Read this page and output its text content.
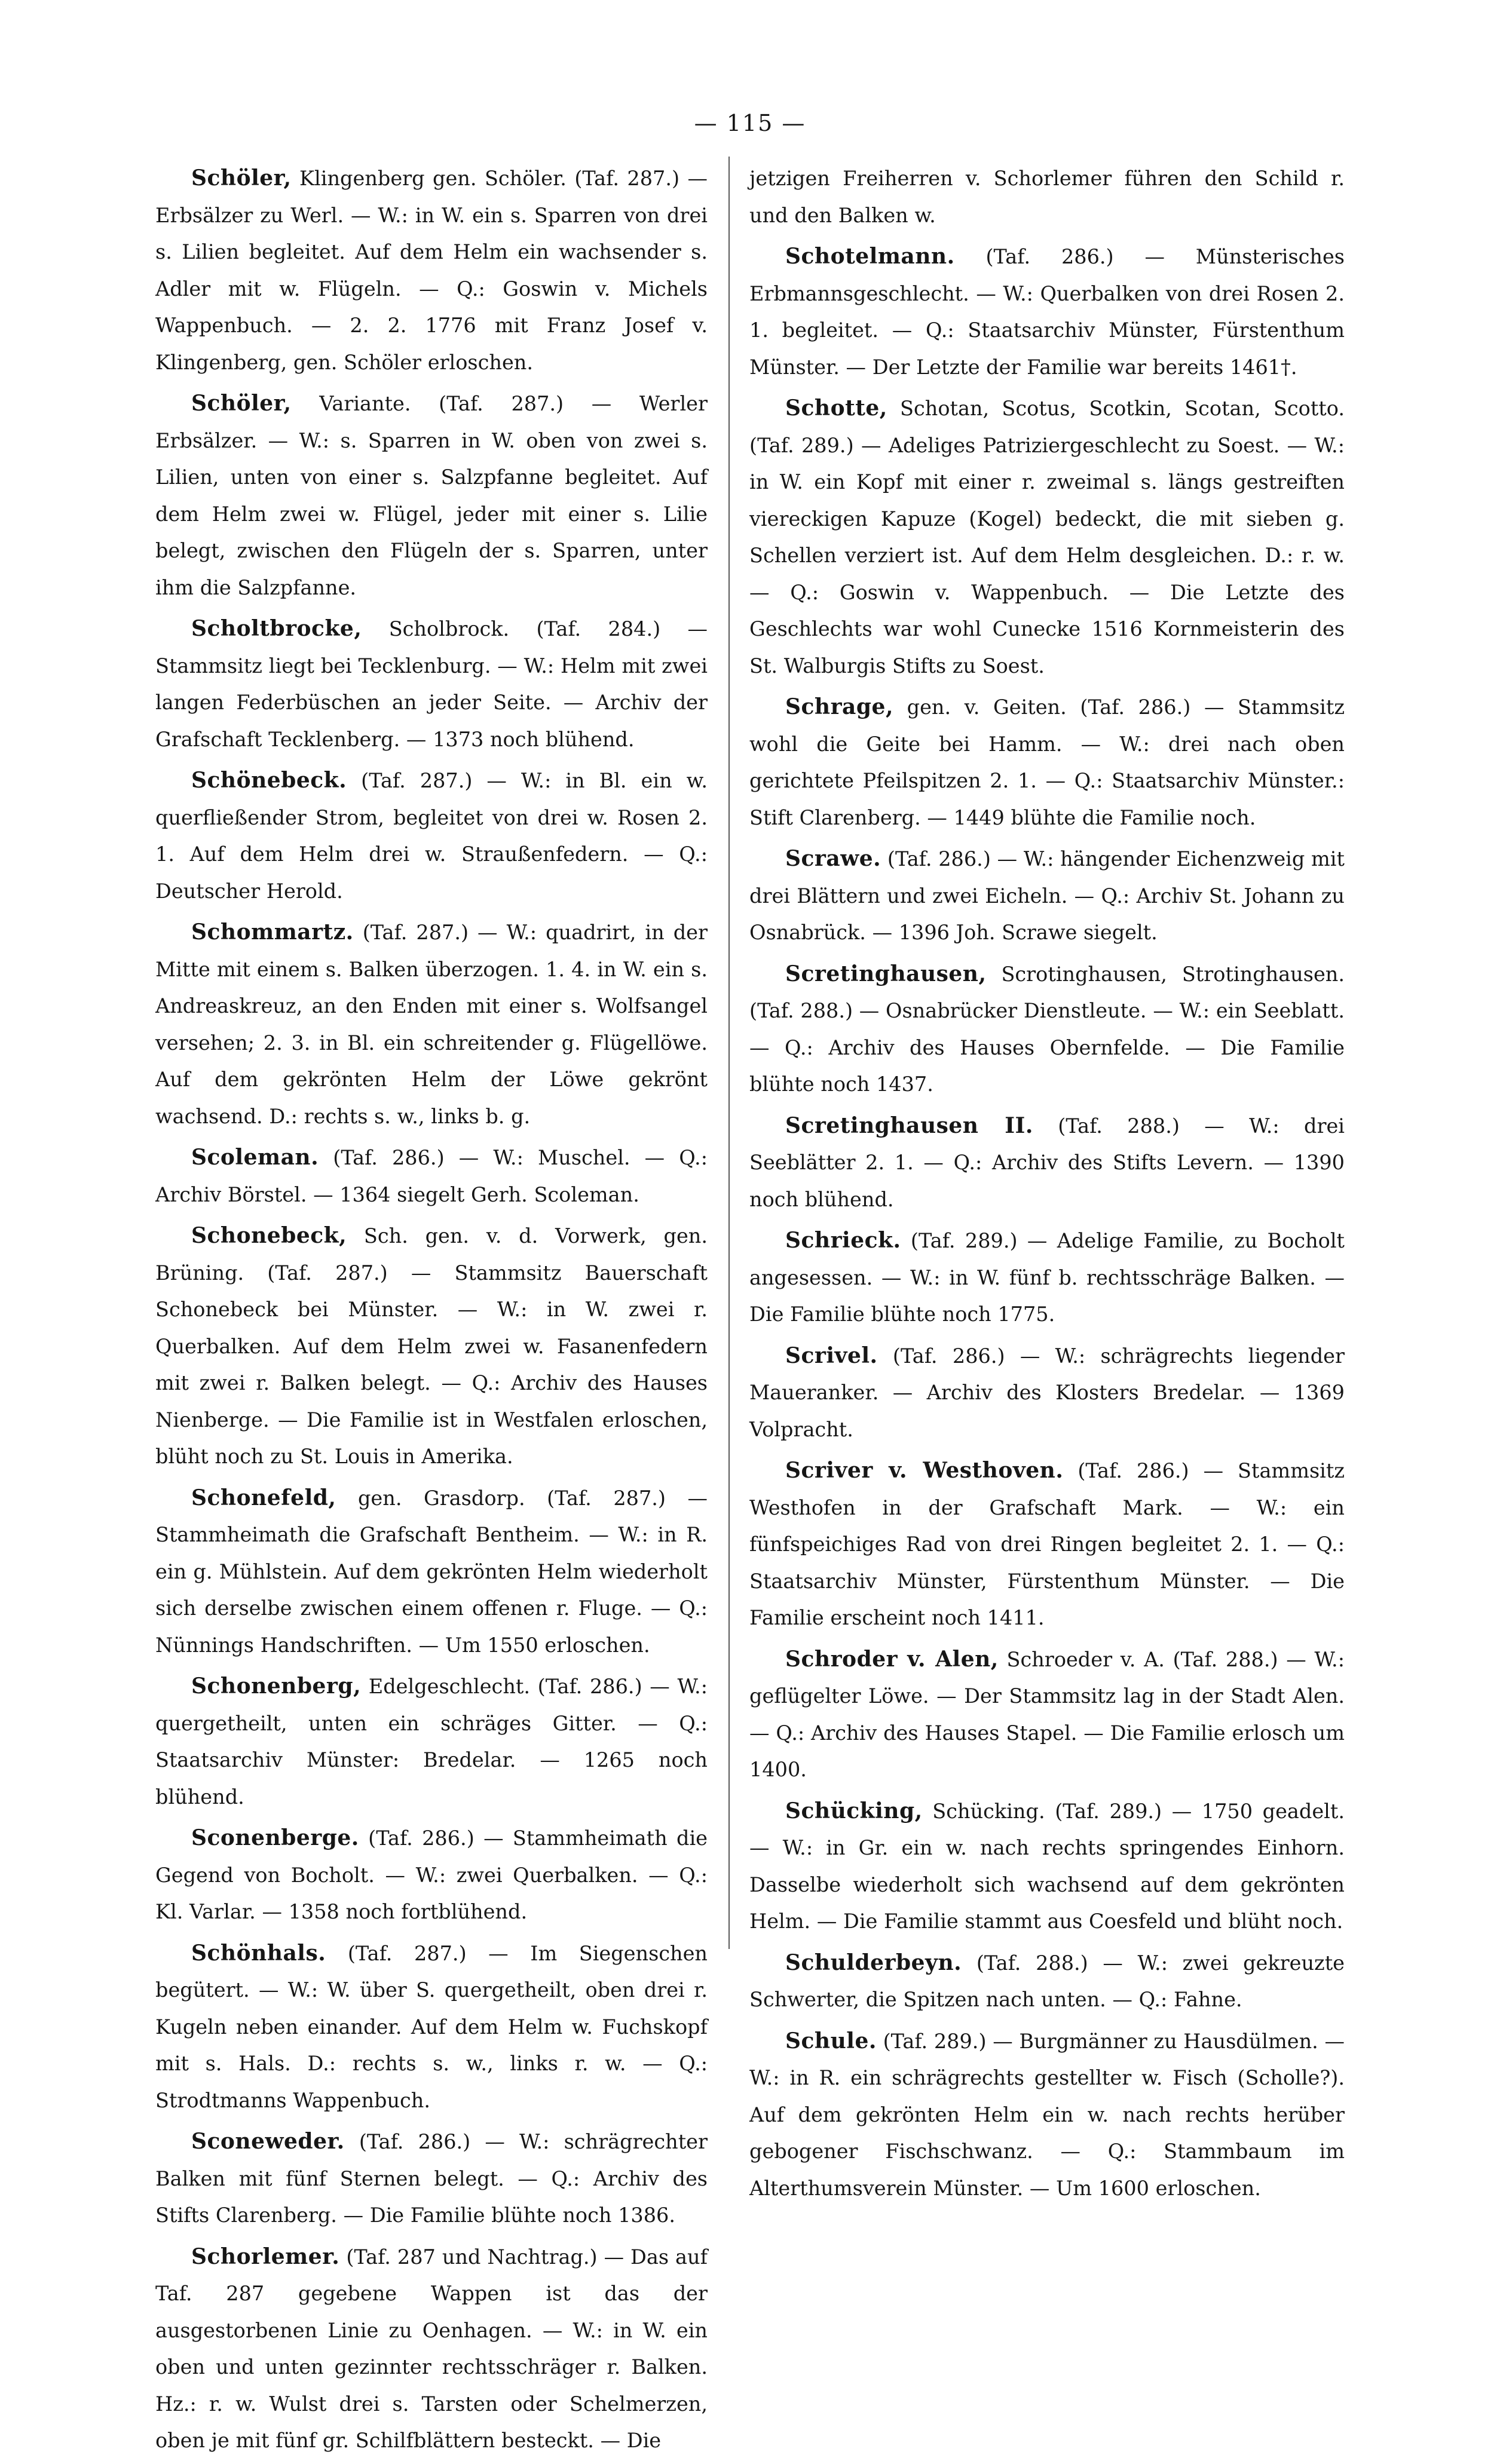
— 115 —

Schöler, Klingenberg gen. Schöler. (Taf. 287.) — Erbsälzer zu Werl. — W.: in W. ein s. Sparren von drei s. Lilien begleitet. Auf dem Helm ein wachsender s. Adler mit w. Flügeln. — Q.: Goswin v. Michels Wappenbuch. — 2. 2. 1776 mit Franz Josef v. Klingenberg, gen. Schöler erloschen.

Schöler, Variante. (Taf. 287.) — Werler Erbsälzer. — W.: s. Sparren in W. oben von zwei s. Lilien, unten von einer s. Salzpfanne begleitet. Auf dem Helm zwei w. Flügel, jeder mit einer s. Lilie belegt, zwischen den Flügeln der s. Sparren, unter ihm die Salzpfanne.

Scholtbrocke, Scholbrock. (Taf. 284.) — Stammsitz liegt bei Tecklenburg. — W.: Helm mit zwei langen Federbüschen an jeder Seite. — Archiv der Grafschaft Tecklenberg. — 1373 noch blühend.

Schönebeck. (Taf. 287.) — W.: in Bl. ein w. querfließender Strom, begleitet von drei w. Rosen 2. 1. Auf dem Helm drei w. Straußenfedern. — Q.: Deutscher Herold.

Schommartz. (Taf. 287.) — W.: quadrirt, in der Mitte mit einem s. Balken überzogen. 1. 4. in W. ein s. Andreaskreuz, an den Enden mit einer s. Wolfsangel versehen; 2. 3. in Bl. ein schreitender g. Flügellöwe. Auf dem gekrönten Helm der Löwe gekrönt wachsend. D.: rechts s. w., links b. g.

Scoleman. (Taf. 286.) — W.: Muschel. — Q.: Archiv Börstel. — 1364 siegelt Gerh. Scoleman.

Schonebeck, Sch. gen. v. d. Vorwerk, gen. Brüning. (Taf. 287.) — Stammsitz Bauerschaft Schonebeck bei Münster. — W.: in W. zwei r. Querbalken. Auf dem Helm zwei w. Fasanenfedern mit zwei r. Balken belegt. — Q.: Archiv des Hauses Nienberge. — Die Familie ist in Westfalen erloschen, blüht noch zu St. Louis in Amerika.

Schonefeld, gen. Grasdorp. (Taf. 287.) — Stammheimath die Grafschaft Bentheim. — W.: in R. ein g. Mühlstein. Auf dem gekrönten Helm wiederholt sich derselbe zwischen einem offenen r. Fluge. — Q.: Nünnings Handschriften. — Um 1550 erloschen.

Schonenberg, Edelgeschlecht. (Taf. 286.) — W.: quergetheilt, unten ein schräges Gitter. — Q.: Staatsarchiv Münster: Bredelar. — 1265 noch blühend.

Sconenberge. (Taf. 286.) — Stammheimath die Gegend von Bocholt. — W.: zwei Querbalken. — Q.: Kl. Varlar. — 1358 noch fortblühend.

Schönhals. (Taf. 287.) — Im Siegenschen begütert. — W.: W. über S. quergetheilt, oben drei r. Kugeln neben einander. Auf dem Helm w. Fuchskopf mit s. Hals. D.: rechts s. w., links r. w. — Q.: Strodtmanns Wappenbuch.

Sconeweder. (Taf. 286.) — W.: schrägrechter Balken mit fünf Sternen belegt. — Q.: Archiv des Stifts Clarenberg. — Die Familie blühte noch 1386.

Schorlemer. (Taf. 287 und Nachtrag.) — Das auf Taf. 287 gegebene Wappen ist das der ausgestorbenen Linie zu Oenhagen. — W.: in W. ein oben und unten gezinnter rechtsschräger r. Balken. Hz.: r. w. Wulst drei s. Tarsten oder Schelmerzen, oben je mit fünf gr. Schilfblättern besteckt. — Die

jetzigen Freiherren v. Schorlemer führen den Schild r. und den Balken w.

Schotelmann. (Taf. 286.) — Münsterisches Erbmannsgeschlecht. — W.: Querbalken von drei Rosen 2. 1. begleitet. — Q.: Staatsarchiv Münster, Fürstenthum Münster. — Der Letzte der Familie war bereits 1461†.

Schotte, Schotan, Scotus, Scotkin, Scotan, Scotto. (Taf. 289.) — Adeliges Patriziergeschlecht zu Soest. — W.: in W. ein Kopf mit einer r. zweimal s. längs gestreiften viereckigen Kapuze (Kogel) bedeckt, die mit sieben g. Schellen verziert ist. Auf dem Helm desgleichen. D.: r. w. — Q.: Goswin v. Wappenbuch. — Die Letzte des Geschlechts war wohl Cunecke 1516 Kornmeisterin des St. Walburgis Stifts zu Soest.

Schrage, gen. v. Geiten. (Taf. 286.) — Stammsitz wohl die Geite bei Hamm. — W.: drei nach oben gerichtete Pfeilspitzen 2. 1. — Q.: Staatsarchiv Münster.: Stift Clarenberg. — 1449 blühte die Familie noch.

Scrawe. (Taf. 286.) — W.: hängender Eichenzweig mit drei Blättern und zwei Eicheln. — Q.: Archiv St. Johann zu Osnabrück. — 1396 Joh. Scrawe siegelt.

Scretinghausen, Scrotinghausen, Strotinghausen. (Taf. 288.) — Osnabrücker Dienstleute. — W.: ein Seeblatt. — Q.: Archiv des Hauses Obernfelde. — Die Familie blühte noch 1437.

Scretinghausen II. (Taf. 288.) — W.: drei Seeblätter 2. 1. — Q.: Archiv des Stifts Levern. — 1390 noch blühend.

Schrieck. (Taf. 289.) — Adelige Familie, zu Bocholt angesessen. — W.: in W. fünf b. rechtsschräge Balken. — Die Familie blühte noch 1775.

Scrivel. (Taf. 286.) — W.: schrägrechts liegender Maueranker. — Archiv des Klosters Bredelar. — 1369 Volpracht.

Scriver v. Westhoven. (Taf. 286.) — Stammsitz Westhofen in der Grafschaft Mark. — W.: ein fünfspeichiges Rad von drei Ringen begleitet 2. 1. — Q.: Staatsarchiv Münster, Fürstenthum Münster. — Die Familie erscheint noch 1411.

Schroder v. Alen, Schroeder v. A. (Taf. 288.) — W.: geflügelter Löwe. — Der Stammsitz lag in der Stadt Alen. — Q.: Archiv des Hauses Stapel. — Die Familie erlosch um 1400.

Schücking, Schücking. (Taf. 289.) — 1750 geadelt. — W.: in Gr. ein w. nach rechts springendes Einhorn. Dasselbe wiederholt sich wachsend auf dem gekrönten Helm. — Die Familie stammt aus Coesfeld und blüht noch.

Schulderbeyn. (Taf. 288.) — W.: zwei gekreuzte Schwerter, die Spitzen nach unten. — Q.: Fahne.

Schule. (Taf. 289.) — Burgmänner zu Hausdülmen. — W.: in R. ein schrägrechts gestellter w. Fisch (Scholle?). Auf dem gekrönten Helm ein w. nach rechts herüber gebogener Fischschwanz. — Q.: Stammbaum im Alterthumsverein Münster. — Um 1600 erloschen.
